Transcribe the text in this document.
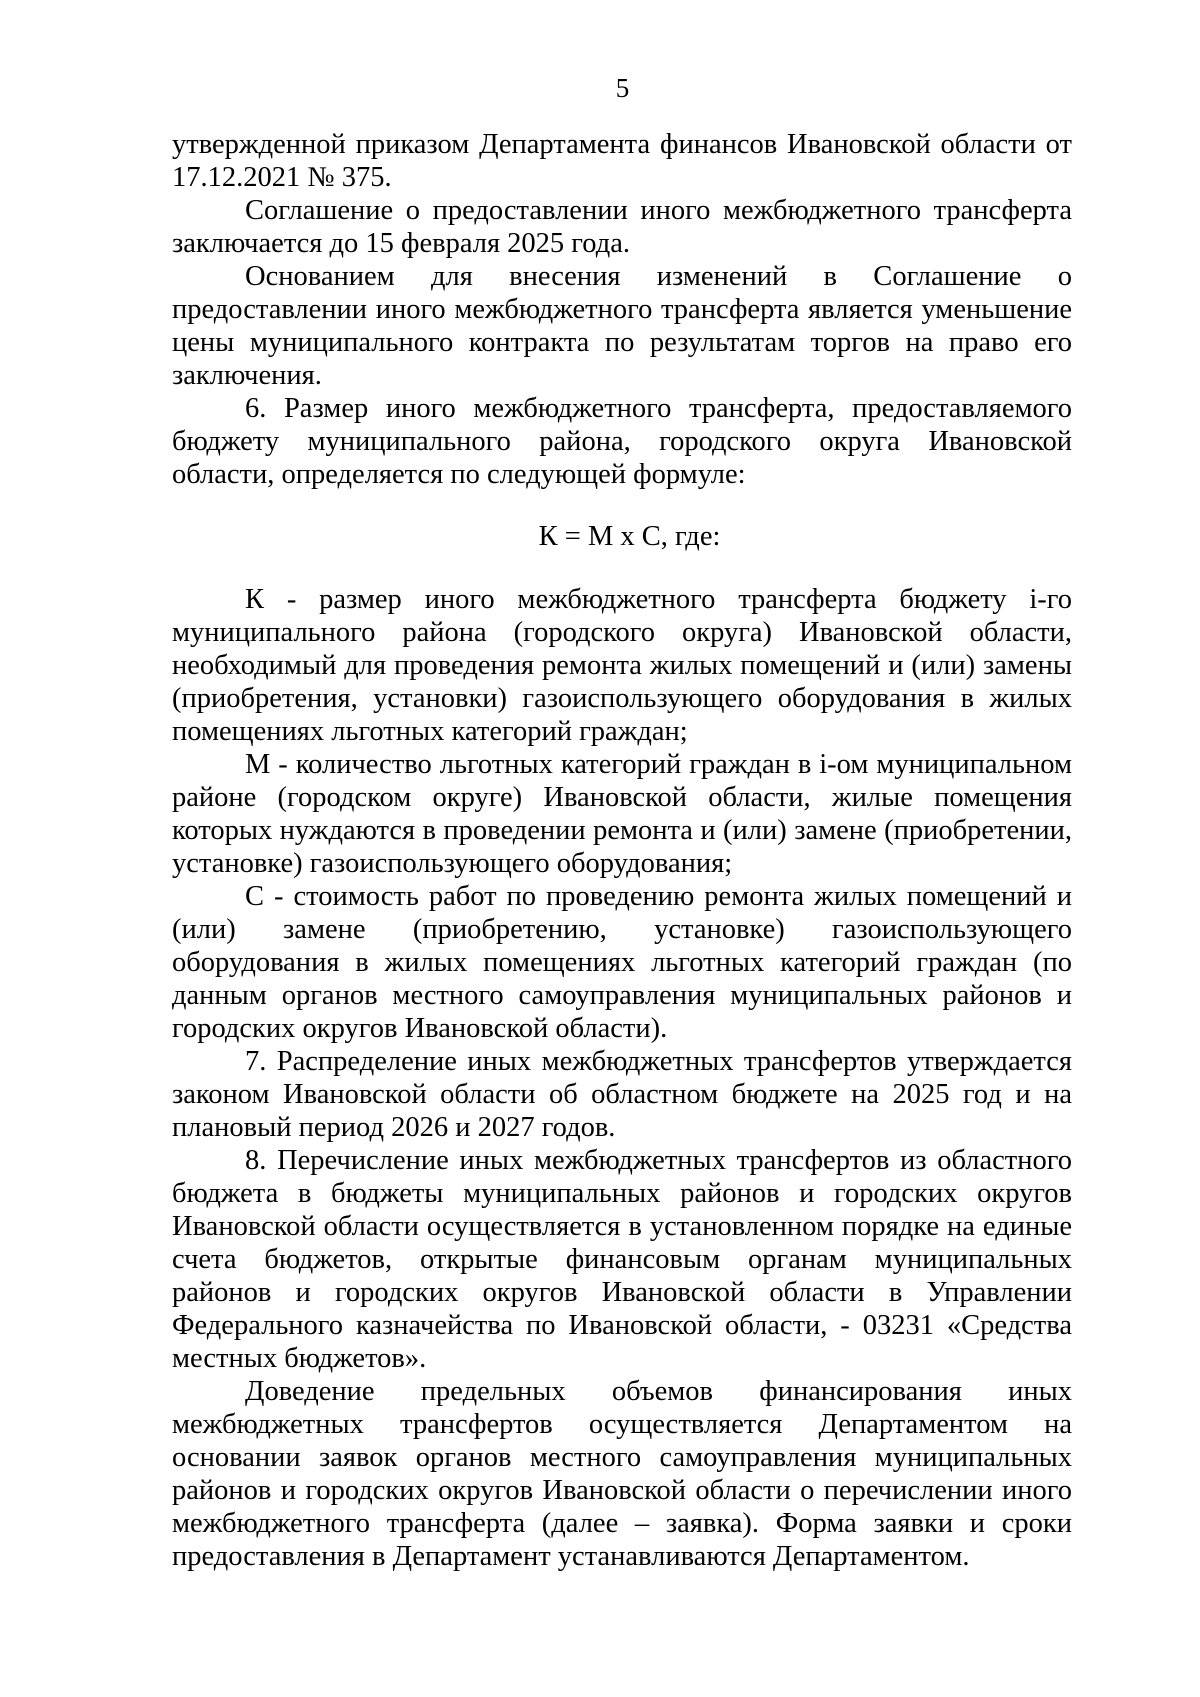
5

утвержденной приказом Департамента финансов Ивановской области от 17.12.2021 № 375.

Соглашение о предоставлении иного межбюджетного трансферта заключается до 15 февраля 2025 года.

Основанием для внесения изменений в Соглашение о предоставлении иного межбюджетного трансферта является уменьшение цены муниципального контракта по результатам торгов на право его заключения.

6. Размер иного межбюджетного трансферта, предоставляемого бюджету муниципального района, городского округа Ивановской области, определяется по следующей формуле:

К = М х С, где:

К - размер иного межбюджетного трансферта бюджету i-го муниципального района (городского округа) Ивановской области, необходимый для проведения ремонта жилых помещений и (или) замены (приобретения, установки) газоиспользующего оборудования в жилых помещениях льготных категорий граждан;

М - количество льготных категорий граждан в i-ом муниципальном районе (городском округе) Ивановской области, жилые помещения которых нуждаются в проведении ремонта и (или) замене (приобретении, установке) газоиспользующего оборудования;

С - стоимость работ по проведению ремонта жилых помещений и (или) замене (приобретению, установке) газоиспользующего оборудования в жилых помещениях льготных категорий граждан (по данным органов местного самоуправления муниципальных районов и городских округов Ивановской области).

7. Распределение иных межбюджетных трансфертов утверждается законом Ивановской области об областном бюджете на 2025 год и на плановый период 2026 и 2027 годов.

8. Перечисление иных межбюджетных трансфертов из областного бюджета в бюджеты муниципальных районов и городских округов Ивановской области осуществляется в установленном порядке на единые счета бюджетов, открытые финансовым органам муниципальных районов и городских округов Ивановской области в Управлении Федерального казначейства по Ивановской области, - 03231 «Средства местных бюджетов».

Доведение предельных объемов финансирования иных межбюджетных трансфертов осуществляется Департаментом на основании заявок органов местного самоуправления муниципальных районов и городских округов Ивановской области о перечислении иного межбюджетного трансферта (далее – заявка). Форма заявки и сроки предоставления в Департамент устанавливаются Департаментом.
